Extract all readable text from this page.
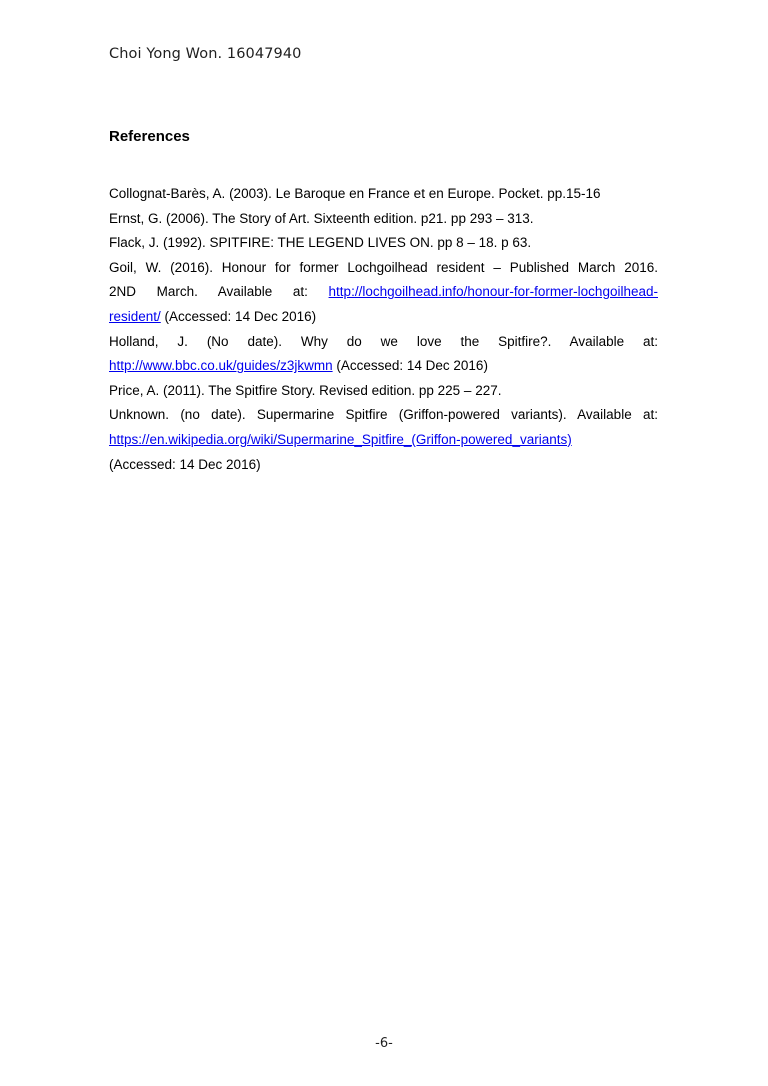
Choi Yong Won. 16047940
References
Collognat-Barès, A. (2003). Le Baroque en France et en Europe. Pocket. pp.15-16
Ernst, G. (2006). The Story of Art. Sixteenth edition. p21. pp 293 – 313.
Flack, J. (1992). SPITFIRE: THE LEGEND LIVES ON. pp 8 – 18. p 63.
Goil, W. (2016). Honour for former Lochgoilhead resident – Published March 2016.
2ND March. Available at: http://lochgoilhead.info/honour-for-former-lochgoilhead-
resident/ (Accessed: 14 Dec 2016)
Holland, J. (No date). Why do we love the Spitfire?. Available at:
http://www.bbc.co.uk/guides/z3jkwmn (Accessed: 14 Dec 2016)
Price, A. (2011). The Spitfire Story. Revised edition. pp 225 – 227.
Unknown. (no date). Supermarine Spitfire (Griffon-powered variants). Available at:
https://en.wikipedia.org/wiki/Supermarine_Spitfire_(Griffon-powered_variants)
(Accessed: 14 Dec 2016)
-6-
